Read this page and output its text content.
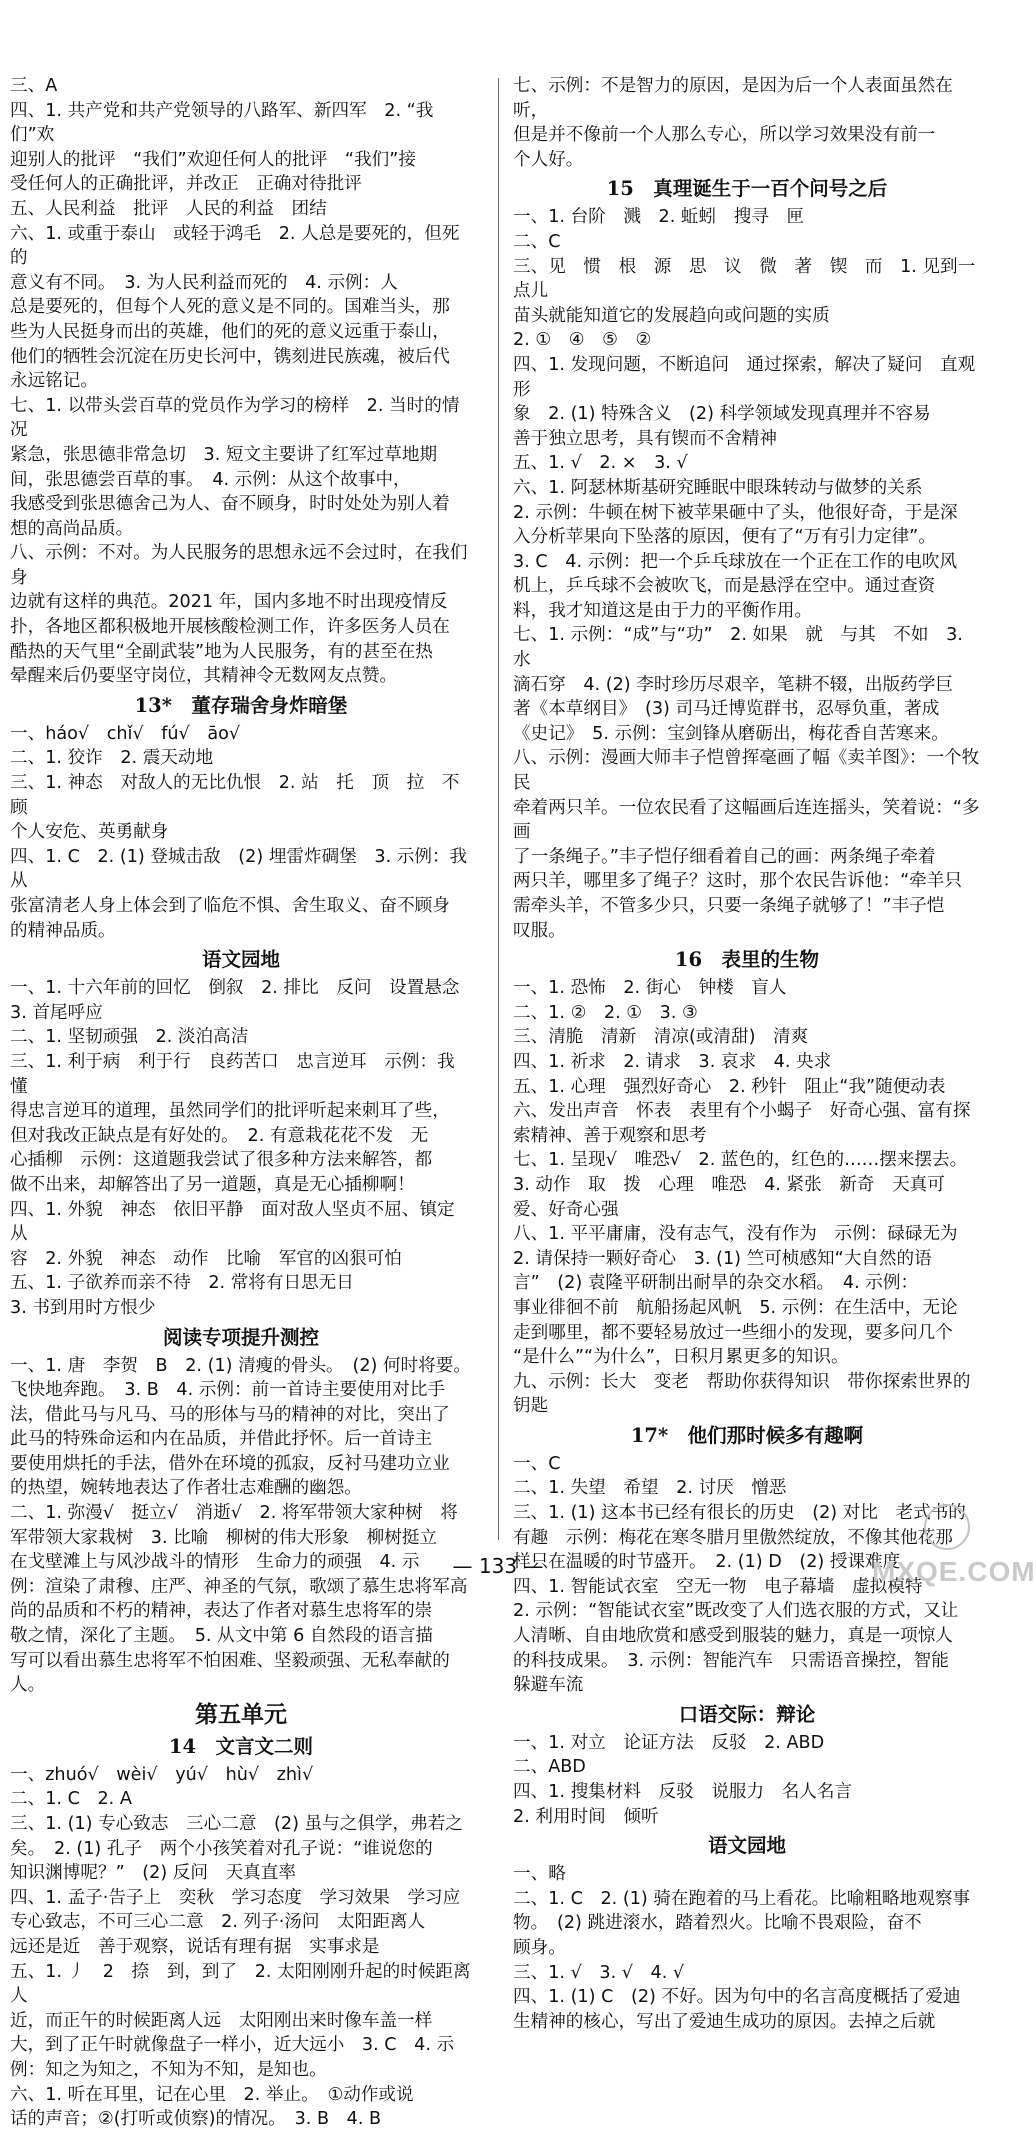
三、A
四、1. 共产党和共产党领导的八路军、新四军　2. “我们”欢
迎别人的批评　“我们”欢迎任何人的批评　“我们”接
受任何人的正确批评，并改正　正确对待批评
五、人民利益　批评　人民的利益　团结
六、1. 或重于泰山　或轻于鸿毛　2. 人总是要死的，但死的
意义有不同。　3. 为人民利益而死的　4. 示例：人
总是要死的，但每个人死的意义是不同的。国难当头，那
些为人民挺身而出的英雄，他们的死的意义远重于泰山，
他们的牺牲会沉淀在历史长河中，镌刻进民族魂，被后代
永远铭记。
七、1. 以带头尝百草的党员作为学习的榜样　2. 当时的情况
紧急，张思德非常急切　3. 短文主要讲了红军过草地期
间，张思德尝百草的事。　4. 示例：从这个故事中，
我感受到张思德舍己为人、奋不顾身，时时处处为别人着
想的高尚品质。
八、示例：不对。为人民服务的思想永远不会过时，在我们身
边就有这样的典范。2021 年，国内多地不时出现疫情反
扑，各地区都积极地开展核酸检测工作，许多医务人员在
酷热的天气里“全副武装”地为人民服务，有的甚至在热
晕醒来后仍要坚守岗位，其精神令无数网友点赞。
13*　董存瑞舍身炸暗堡
一、háo√　chǐ√　fú√　āo√
二、1. 狡诈　2. 震天动地
三、1. 神态　对敌人的无比仇恨　2. 站　托　顶　拉　不顾
个人安危、英勇献身
四、1. C　2. (1) 登城击敌　(2) 埋雷炸碉堡　3. 示例：我从
张富清老人身上体会到了临危不惧、舍生取义、奋不顾身
的精神品质。
语文园地
一、1. 十六年前的回忆　倒叙　2. 排比　反问　设置悬念
3. 首尾呼应
二、1. 坚韧顽强　2. 淡泊高洁
三、1. 利于病　利于行　良药苦口　忠言逆耳　示例：我懂
得忠言逆耳的道理，虽然同学们的批评听起来刺耳了些，
但对我改正缺点是有好处的。　2. 有意栽花花不发　无
心插柳　示例：这道题我尝试了很多种方法来解答，都
做不出来，却解答出了另一道题，真是无心插柳啊！
四、1. 外貌　神态　依旧平静　面对敌人坚贞不屈、镇定从
容　2. 外貌　神态　动作　比喻　军官的凶狠可怕
五、1. 子欲养而亲不待　2. 常将有日思无日
3. 书到用时方恨少
阅读专项提升测控
一、1. 唐　李贺　B　2. (1) 清瘦的骨头。　(2) 何时将要。
飞快地奔跑。　3. B　4. 示例：前一首诗主要使用对比手
法，借此马与凡马、马的形体与马的精神的对比，突出了
此马的特殊命运和内在品质，并借此抒怀。后一首诗主
要使用烘托的手法，借外在环境的孤寂，反衬马建功立业
的热望，婉转地表达了作者壮志难酬的幽怨。
二、1. 弥漫√　挺立√　消逝√　2. 将军带领大家种树　将
军带领大家栽树　3. 比喻　柳树的伟大形象　柳树挺立
在戈壁滩上与风沙战斗的情形　生命力的顽强　4. 示
例：渲染了肃穆、庄严、神圣的气氛，歌颂了慕生忠将军高
尚的品质和不朽的精神，表达了作者对慕生忠将军的崇
敬之情，深化了主题。　5. 从文中第 6 自然段的语言描
写可以看出慕生忠将军不怕困难、坚毅顽强、无私奉献的人。
第五单元
14　文言文二则
一、zhuó√　wèi√　yú√　hù√　zhì√
二、1. C　2. A
三、1. (1) 专心致志　三心二意　(2) 虽与之俱学，弗若之
矣。　2. (1) 孔子　两个小孩笑着对孔子说：“谁说您的
知识渊博呢？”　(2) 反问　天真直率
四、1. 孟子·告子上　奕秋　学习态度　学习效果　学习应
专心致志，不可三心二意　2. 列子·汤问　太阳距离人
远还是近　善于观察，说话有理有据　实事求是
五、1. 丿　2　捺　到，到了　2. 太阳刚刚升起的时候距离人
近，而正午的时候距离人远　太阳刚出来时像车盖一样
大，到了正午时就像盘子一样小，近大远小　3. C　4. 示
例：知之为知之，不知为不知，是知也。
六、1. 听在耳里，记在心里　2. 举止。　①动作或说
话的声音；②(打听或侦察)的情况。　3. B　4. B
七、示例：不是智力的原因，是因为后一个人表面虽然在听，
但是并不像前一个人那么专心，所以学习效果没有前一
个人好。
15　真理诞生于一百个问号之后
一、1. 台阶　溅　2. 蚯蚓　搜寻　匣
二、C
三、见　惯　根　源　思　议　微　著　锲　而　1. 见到一点儿
苗头就能知道它的发展趋向或问题的实质
2. ①　④　⑤　②
四、1. 发现问题，不断追问　通过探索，解决了疑问　直观形
象　2. (1) 特殊含义　(2) 科学领域发现真理并不容易
善于独立思考，具有锲而不舍精神
五、1. √　2. ×　3. √
六、1. 阿瑟林斯基研究睡眠中眼珠转动与做梦的关系
2. 示例：牛顿在树下被苹果砸中了头，他很好奇，于是深
入分析苹果向下坠落的原因，便有了“万有引力定律”。
3. C　4. 示例：把一个乒乓球放在一个正在工作的电吹风
机上，乒乓球不会被吹飞，而是悬浮在空中。通过查资
料，我才知道这是由于力的平衡作用。
七、1. 示例：“成”与“功”　2. 如果　就　与其　不如　3. 水
滴石穿　4. (2) 李时珍历尽艰辛，笔耕不辍，出版药学巨
著《本草纲目》　(3) 司马迁博览群书，忍辱负重，著成
《史记》　5. 示例：宝剑锋从磨砺出，梅花香自苦寒来。
八、示例：漫画大师丰子恺曾挥毫画了幅《卖羊图》：一个牧民
牵着两只羊。一位农民看了这幅画后连连摇头，笑着说：“多画
了一条绳子。”丰子恺仔细看着自己的画：两条绳子牵着
两只羊，哪里多了绳子？这时，那个农民告诉他：“牵羊只
需牵头羊，不管多少只，只要一条绳子就够了！”丰子恺
叹服。
16　表里的生物
一、1. 恐怖　2. 街心　钟楼　盲人
二、1. ②　2. ①　3. ③
三、清脆　清新　清凉(或清甜)　清爽
四、1. 祈求　2. 请求　3. 哀求　4. 央求
五、1. 心理　强烈好奇心　2. 秒针　阻止“我”随便动表
六、发出声音　怀表　表里有个小蝎子　好奇心强、富有探
索精神、善于观察和思考
七、1. 呈现√　唯恐√　2. 蓝色的，红色的……摆来摆去。
3. 动作　取　拨　心理　唯恐　4. 紧张　新奇　天真可
爱、好奇心强
八、1. 平平庸庸，没有志气，没有作为　示例：碌碌无为
2. 请保持一颗好奇心　3. (1) 竺可桢感知“大自然的语
言”　(2) 袁隆平研制出耐旱的杂交水稻。　4. 示例：
事业徘徊不前　航船扬起风帆　5. 示例：在生活中，无论
走到哪里，都不要轻易放过一些细小的发现，要多问几个
“是什么”“为什么”，日积月累更多的知识。
九、示例：长大　变老　帮助你获得知识　带你探索世界的
钥匙
17*　他们那时候多有趣啊
一、C
二、1. 失望　希望　2. 讨厌　憎恶
三、1. (1) 这本书已经有很长的历史　(2) 对比　老式书的
有趣　示例：梅花在寒冬腊月里傲然绽放，不像其他花那
样只在温暖的时节盛开。　2. (1) D　(2) 授课难度
四、1. 智能试衣室　空无一物　电子幕墙　虚拟模特
2. 示例：“智能试衣室”既改变了人们选衣服的方式，又让
人清晰、自由地欣赏和感受到服装的魅力，真是一项惊人
的科技成果。　3. 示例：智能汽车　只需语音操控，智能
躲避车流
口语交际：辩论
一、1. 对立　论证方法　反驳　2. ABD
二、ABD
四、1. 搜集材料　反驳　说服力　名人名言
2. 利用时间　倾听
语文园地
一、略
二、1. C　2. (1) 骑在跑着的马上看花。比喻粗略地观察事
物。　(2) 跳进滚水，踏着烈火。比喻不畏艰险，奋不
顾身。
三、1. √　3. √　4. √
四、1. (1) C　(2) 不好。因为句中的名言高度概括了爱迪
生精神的核心，写出了爱迪生成功的原因。去掉之后就
— 133 —	MXQE.COM
